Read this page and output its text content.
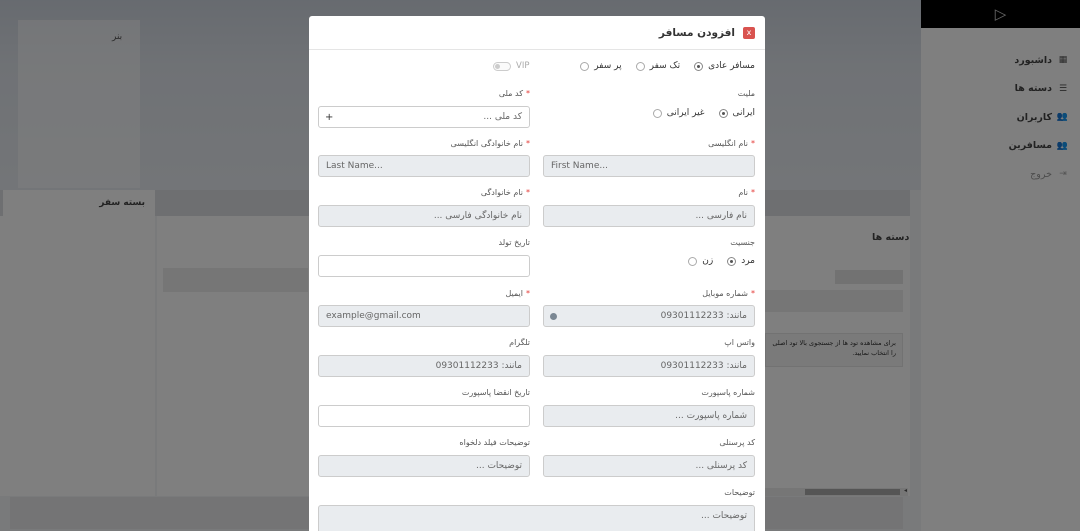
x
افزودن مسافر
مسافر عادی
تک سفر
پر سفر
VIP
ملیت
ایرانی
غیر ایرانی
*کد ملی
کد ملی ...
+
*نام انگلیسی
First Name...
*نام خانوادگی انگلیسی
Last Name...
*نام
نام فارسی ...
*نام خانوادگی
نام خانوادگی فارسی ...
جنسیت
مرد
زن
تاریخ تولد
*شماره موبایل
مانند: 09301112233
*ایمیل
example@gmail.com
واتس اپ
مانند: 09301112233
تلگرام
مانند: 09301112233
شماره پاسپورت
شماره پاسپورت ...
تاریخ انقضا پاسپورت
کد پرسنلی
کد پرسنلی ...
توضیحات فیلد دلخواه
توضیحات ...
توضیحات
توضیحات ...
